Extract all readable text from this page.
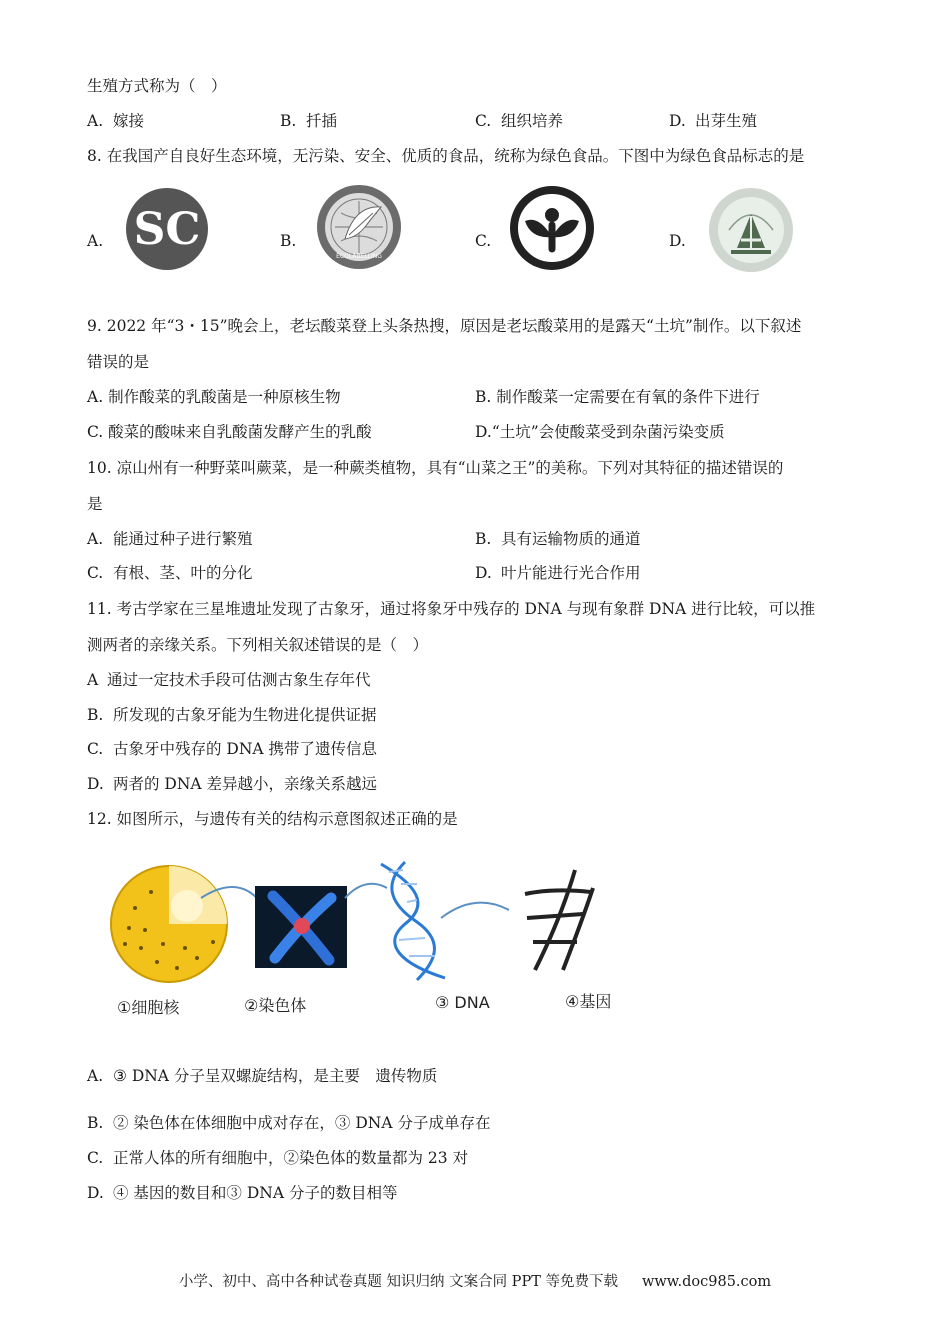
生殖方式称为（　）
A. 嫁接	B. 扦插	C. 组织培养	D. 出芽生殖
8. 在我国产自良好生态环境，无污染、安全、优质的食品，统称为绿色食品。下图中为绿色食品标志的是
A. SC	B.
ECOLABELLING
C.	D.
9. 2022 年“3・15”晚会上，老坛酸菜登上头条热搜，原因是老坛酸菜用的是露天“土坑”制作。以下叙述
错误的是
A. 制作酸菜的乳酸菌是一种原核生物	B. 制作酸菜一定需要在有氧的条件下进行
C. 酸菜的酸味来自乳酸菌发酵产生的乳酸	D.“土坑”会使酸菜受到杂菌污染变质
10. 凉山州有一种野菜叫蕨菜，是一种蕨类植物，具有“山菜之王”的美称。下列对其特征的描述错误的
是
A. 能通过种子进行繁殖	B. 具有运输物质的通道
C. 有根、茎、叶的分化	D. 叶片能进行光合作用
11. 考古学家在三星堆遗址发现了古象牙，通过将象牙中残存的 DNA 与现有象群 DNA 进行比较，可以推
测两者的亲缘关系。下列相关叙述错误的是（　）
A 通过一定技术手段可估测古象生存年代
B. 所发现的古象牙能为生物进化提供证据
C. 古象牙中残存的 DNA 携带了遗传信息
D. 两者的 DNA 差异越小，亲缘关系越远
12. 如图所示，与遗传有关的结构示意图叙述正确的是
①细胞核	②染色体	③ DNA	④基因
A. ③ DNA 分子呈双螺旋结构，是主要　遗传物质
B. ② 染色体在体细胞中成对存在，③ DNA 分子成单存在
C. 正常人体的所有细胞中，②染色体的数量都为 23 对
D. ④ 基因的数目和③ DNA 分子的数目相等
小学、初中、高中各种试卷真题 知识归纳 文案合同 PPT 等免费下载 www.doc985.com
